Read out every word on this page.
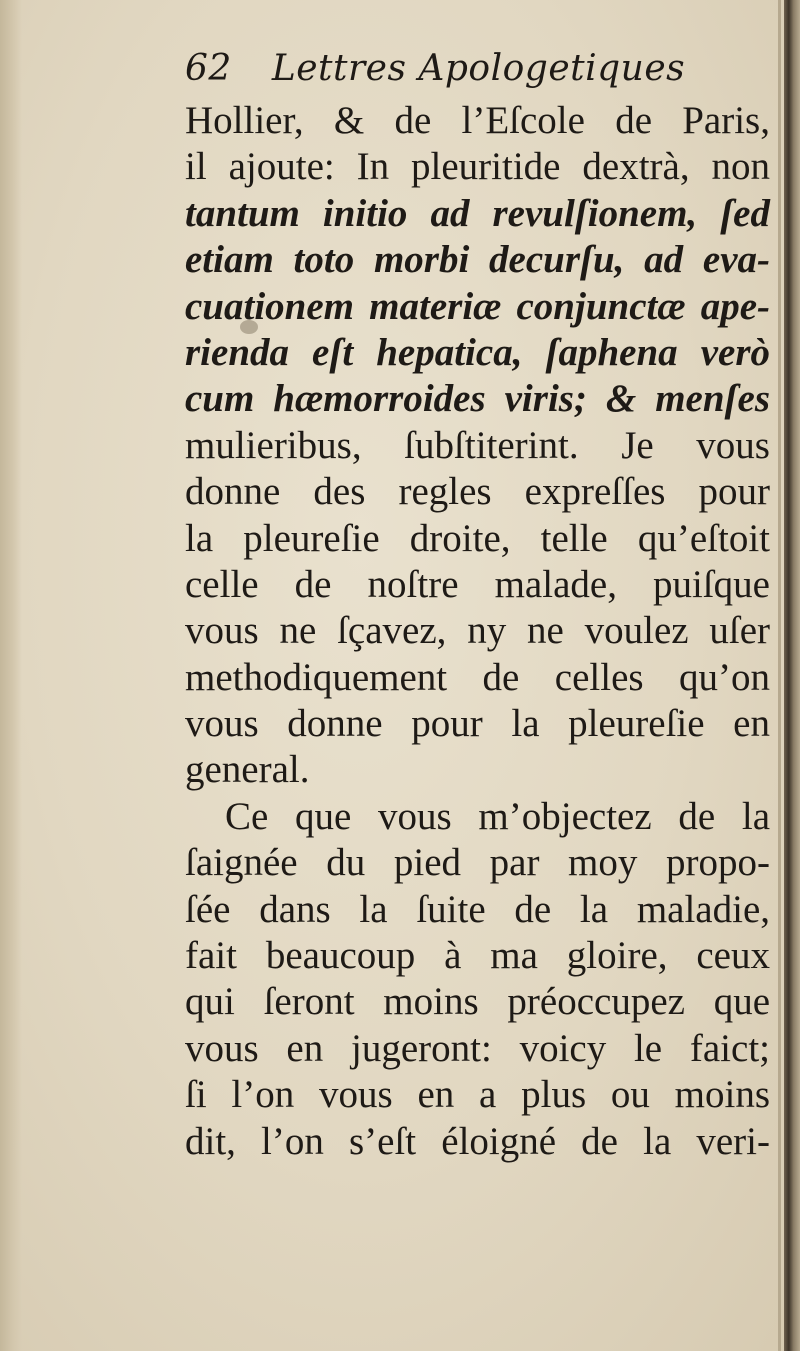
62 Lettres Apologetiques
Hollier, & de l’Eſcole de Paris,
il ajoute: In pleuritide dextrà, non
tantum initio ad revulſionem, ſed
etiam toto morbi decurſu, ad eva-
cuationem materiæ conjunctæ ape-
rienda eſt hepatica, ſaphena verò
cum hæmorroides viris; & menſes
mulieribus, ſubſtiterint. Je vous
donne des regles expreſſes pour
la pleureſie droite, telle qu’eſtoit
celle de noſtre malade, puiſque
vous ne ſçavez, ny ne voulez uſer
methodiquement de celles qu’on
vous donne pour la pleureſie en
general.
Ce que vous m’objectez de la
ſaignée du pied par moy propo-
ſée dans la ſuite de la maladie,
fait beaucoup à ma gloire, ceux
qui ſeront moins préoccupez que
vous en jugeront: voicy le faict;
ſi l’on vous en a plus ou moins
dit, l’on s’eſt éloigné de la veri-
